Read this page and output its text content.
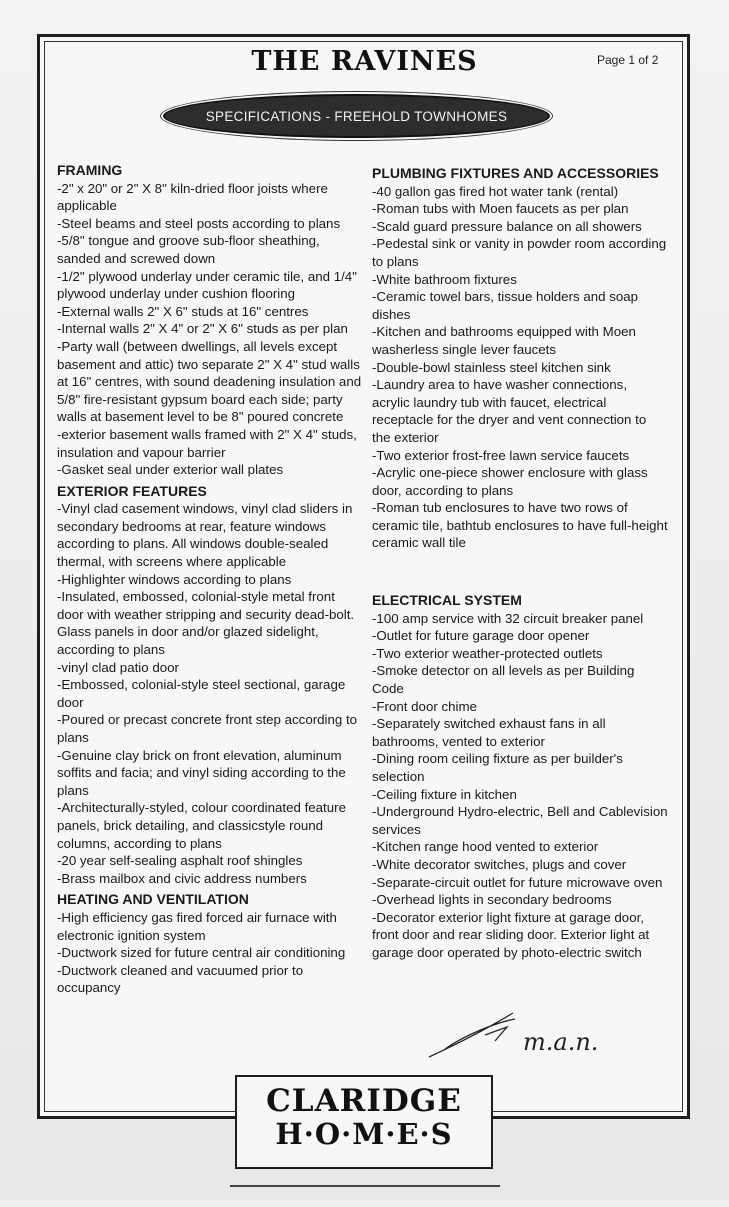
THE RAVINES	Page 1 of 2
SPECIFICATIONS - FREEHOLD TOWNHOMES
FRAMING
-2" x 20" or 2" X 8" kiln-dried floor joists where applicable
-Steel beams and steel posts according to plans
-5/8" tongue and groove sub-floor sheathing, sanded and screwed down
-1/2" plywood underlay under ceramic tile, and 1/4" plywood underlay under cushion flooring
-External walls 2" X 6" studs at 16" centres
-Internal walls 2" X 4" or 2" X 6" studs as per plan
-Party wall (between dwellings, all levels except basement and attic) two separate 2" X 4" stud walls at 16" centres, with sound deadening insulation and 5/8" fire-resistant gypsum board each side; party walls at basement level to be 8" poured concrete
-exterior basement walls framed with 2" X 4" studs, insulation and vapour barrier
-Gasket seal under exterior wall plates
EXTERIOR FEATURES
-Vinyl clad casement windows, vinyl clad sliders in secondary bedrooms at rear, feature windows according to plans. All windows double-sealed thermal, with screens where applicable
-Highlighter windows according to plans
-Insulated, embossed, colonial-style metal front door with weather stripping and security dead-bolt. Glass panels in door and/or glazed sidelight, according to plans
-vinyl clad patio door
-Embossed, colonial-style steel sectional, garage door
-Poured or precast concrete front step according to plans
-Genuine clay brick on front elevation, aluminum soffits and facia; and vinyl siding according to the plans
-Architecturally-styled, colour coordinated feature panels, brick detailing, and classicstyle round columns, according to plans
-20 year self-sealing asphalt roof shingles
-Brass mailbox and civic address numbers
HEATING AND VENTILATION
-High efficiency gas fired forced air furnace with electronic ignition system
-Ductwork sized for future central air conditioning
-Ductwork cleaned and vacuumed prior to occupancy
PLUMBING FIXTURES AND ACCESSORIES
-40 gallon gas fired hot water tank (rental)
-Roman tubs with Moen faucets as per plan
-Scald guard pressure balance on all showers
-Pedestal sink or vanity in powder room according to plans
-White bathroom fixtures
-Ceramic towel bars, tissue holders and soap dishes
-Kitchen and bathrooms equipped with Moen washerless single lever faucets
-Double-bowl stainless steel kitchen sink
-Laundry area to have washer connections, acrylic laundry tub with faucet, electrical receptacle for the dryer and vent connection to the exterior
-Two exterior frost-free lawn service faucets
-Acrylic one-piece shower enclosure with glass door, according to plans
-Roman tub enclosures to have two rows of ceramic tile, bathtub enclosures to have full-height ceramic wall tile
ELECTRICAL SYSTEM
-100 amp service with 32 circuit breaker panel
-Outlet for future garage door opener
-Two exterior weather-protected outlets
-Smoke detector on all levels as per Building Code
-Front door chime
-Separately switched exhaust fans in all bathrooms, vented to exterior
-Dining room ceiling fixture as per builder's selection
-Ceiling fixture in kitchen
-Underground Hydro-electric, Bell and Cablevision services
-Kitchen range hood vented to exterior
-White decorator switches, plugs and cover
-Separate-circuit outlet for future microwave oven
-Overhead lights in secondary bedrooms
-Decorator exterior light fixture at garage door, front door and rear sliding door. Exterior light at garage door operated by photo-electric switch
m.a.n.
CLARIDGE
H·O·M·E·S
